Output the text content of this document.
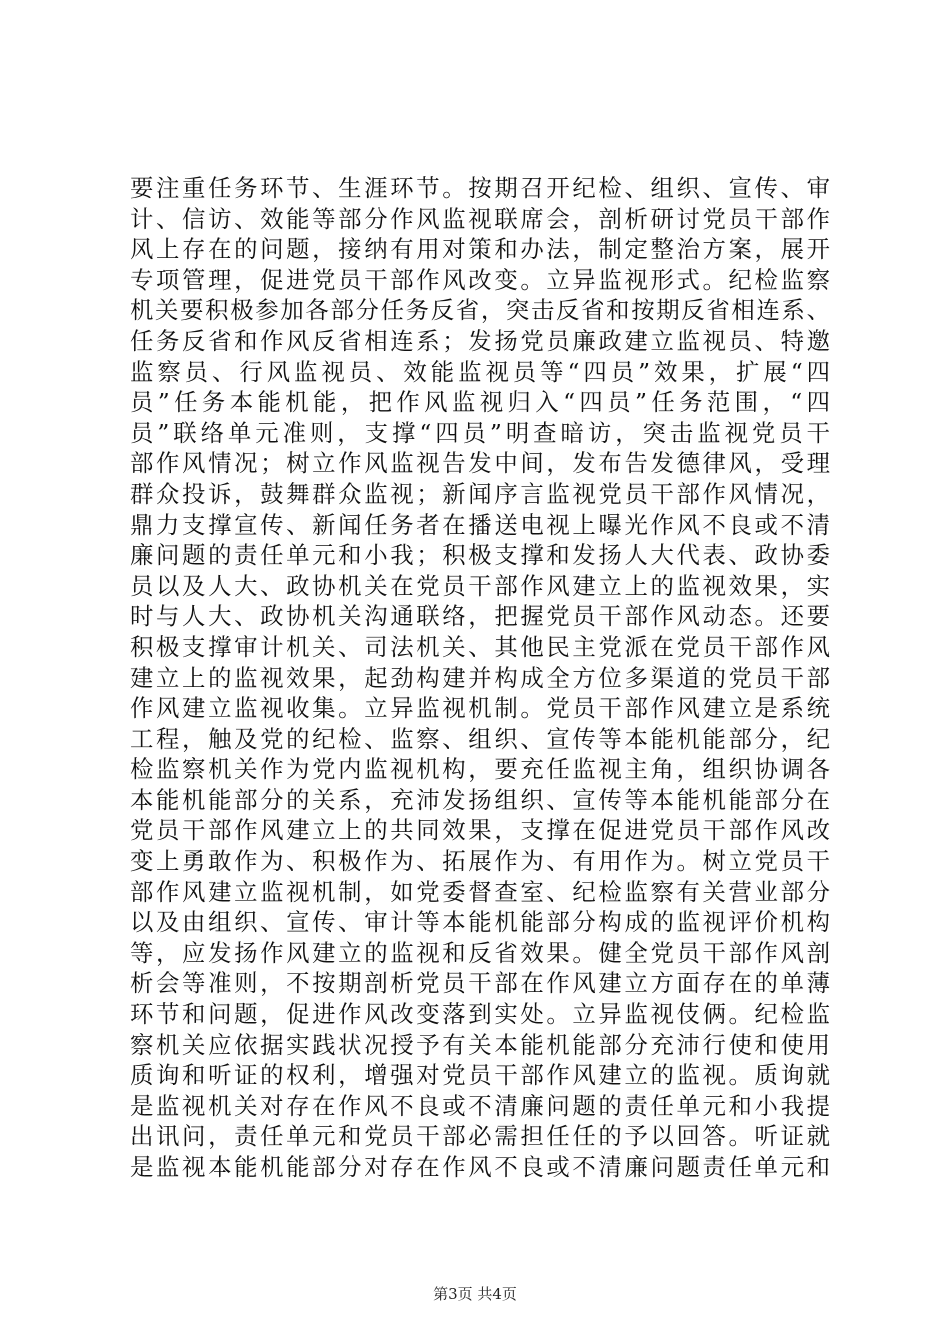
要注重任务环节、生涯环节。按期召开纪检、组织、宣传、审
计、信访、效能等部分作风监视联席会，剖析研讨党员干部作
风上存在的问题，接纳有用对策和办法，制定整治方案，展开
专项管理，促进党员干部作风改变。立异监视形式。纪检监察
机关要积极参加各部分任务反省，突击反省和按期反省相连系、
任务反省和作风反省相连系；发扬党员廉政建立监视员、特邀
监察员、行风监视员、效能监视员等“四员”效果，扩展“四
员”任务本能机能，把作风监视归入“四员”任务范围，“四
员”联络单元准则，支撑“四员”明查暗访，突击监视党员干
部作风情况；树立作风监视告发中间，发布告发德律风，受理
群众投诉，鼓舞群众监视；新闻序言监视党员干部作风情况，
鼎力支撑宣传、新闻任务者在播送电视上曝光作风不良或不清
廉问题的责任单元和小我；积极支撑和发扬人大代表、政协委
员以及人大、政协机关在党员干部作风建立上的监视效果，实
时与人大、政协机关沟通联络，把握党员干部作风动态。还要
积极支撑审计机关、司法机关、其他民主党派在党员干部作风
建立上的监视效果，起劲构建并构成全方位多渠道的党员干部
作风建立监视收集。立异监视机制。党员干部作风建立是系统
工程，触及党的纪检、监察、组织、宣传等本能机能部分，纪
检监察机关作为党内监视机构，要充任监视主角，组织协调各
本能机能部分的关系，充沛发扬组织、宣传等本能机能部分在
党员干部作风建立上的共同效果，支撑在促进党员干部作风改
变上勇敢作为、积极作为、拓展作为、有用作为。树立党员干
部作风建立监视机制，如党委督查室、纪检监察有关营业部分
以及由组织、宣传、审计等本能机能部分构成的监视评价机构
等，应发扬作风建立的监视和反省效果。健全党员干部作风剖
析会等准则，不按期剖析党员干部在作风建立方面存在的单薄
环节和问题，促进作风改变落到实处。立异监视伎俩。纪检监
察机关应依据实践状况授予有关本能机能部分充沛行使和使用
质询和听证的权利，增强对党员干部作风建立的监视。质询就
是监视机关对存在作风不良或不清廉问题的责任单元和小我提
出讯问，责任单元和党员干部必需担任任的予以回答。听证就
是监视本能机能部分对存在作风不良或不清廉问题责任单元和
第3页 共4页
